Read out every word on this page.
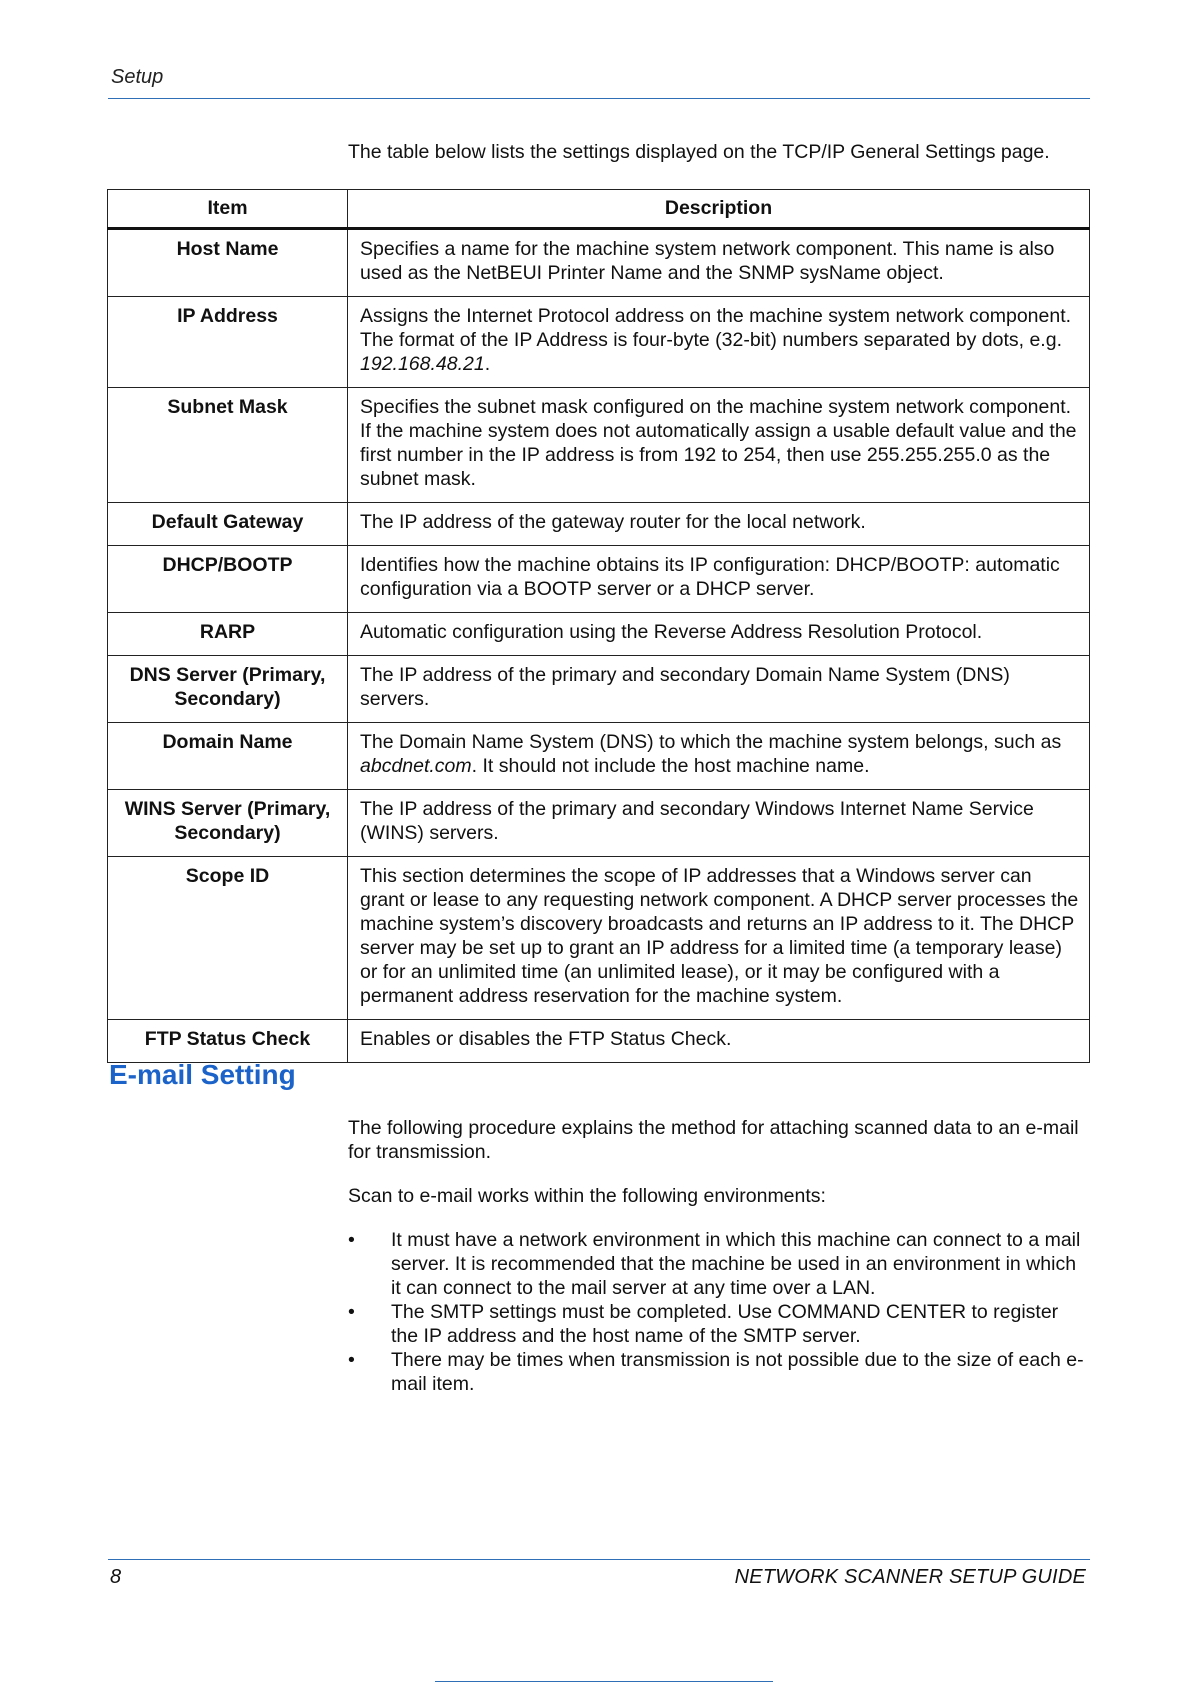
Setup
The table below lists the settings displayed on the TCP/IP General Settings page.
Item	Description
Host Name	Specifies a name for the machine system network component. This name is also used as the NetBEUI Printer Name and the SNMP sysName object.
IP Address	Assigns the Internet Protocol address on the machine system network component. The format of the IP Address is four-byte (32-bit) numbers separated by dots, e.g. 192.168.48.21.
Subnet Mask	Specifies the subnet mask configured on the machine system network component. If the machine system does not automatically assign a usable default value and the first number in the IP address is from 192 to 254, then use 255.255.255.0 as the subnet mask.
Default Gateway	The IP address of the gateway router for the local network.
DHCP/BOOTP	Identifies how the machine obtains its IP configuration: DHCP/BOOTP: automatic configuration via a BOOTP server or a DHCP server.
RARP	Automatic configuration using the Reverse Address Resolution Protocol.
DNS Server (Primary, Secondary)	The IP address of the primary and secondary Domain Name System (DNS) servers.
Domain Name	The Domain Name System (DNS) to which the machine system belongs, such as abcdnet.com. It should not include the host machine name.
WINS Server (Primary, Secondary)	The IP address of the primary and secondary Windows Internet Name Service (WINS) servers.
Scope ID	This section determines the scope of IP addresses that a Windows server can grant or lease to any requesting network component. A DHCP server processes the machine system’s discovery broadcasts and returns an IP address to it. The DHCP server may be set up to grant an IP address for a limited time (a temporary lease) or for an unlimited time (an unlimited lease), or it may be configured with a permanent address reservation for the machine system.
FTP Status Check	Enables or disables the FTP Status Check.
E-mail Setting

The following procedure explains the method for attaching scanned data to an e-mail for transmission.

Scan to e-mail works within the following environments:

• It must have a network environment in which this machine can connect to a mail server. It is recommended that the machine be used in an environment in which it can connect to the mail server at any time over a LAN.
• The SMTP settings must be completed. Use COMMAND CENTER to register the IP address and the host name of the SMTP server.
• There may be times when transmission is not possible due to the size of each e-mail item.
8	NETWORK SCANNER SETUP GUIDE
